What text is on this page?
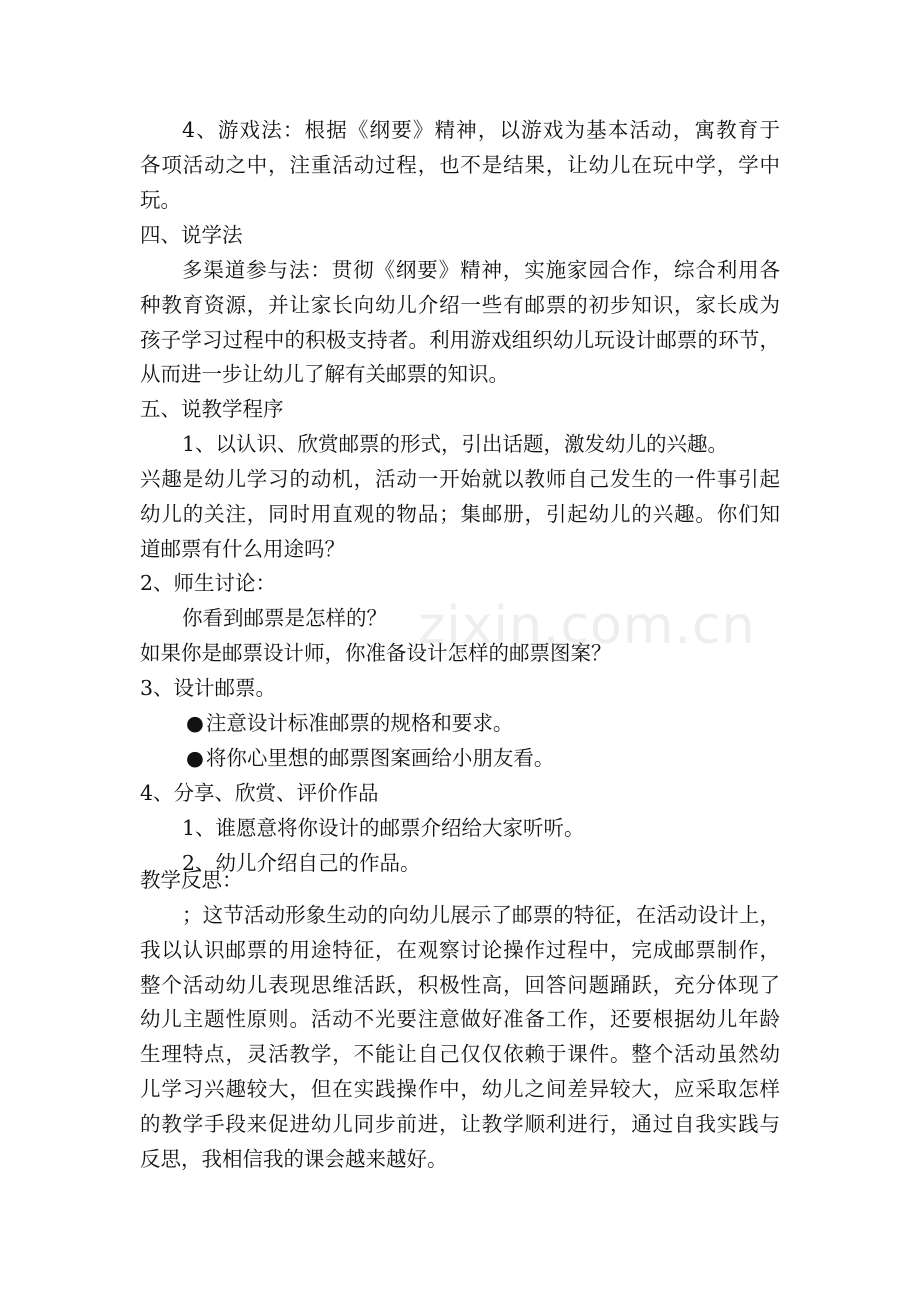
zixin.com.cn
4、游戏法：根据《纲要》精神，以游戏为基本活动，寓教育于
各项活动之中，注重活动过程，也不是结果，让幼儿在玩中学，学中
玩。
四、说学法
多渠道参与法：贯彻《纲要》精神，实施家园合作，综合利用各
种教育资源，并让家长向幼儿介绍一些有邮票的初步知识，家长成为
孩子学习过程中的积极支持者。利用游戏组织幼儿玩设计邮票的环节，
从而进一步让幼儿了解有关邮票的知识。
五、说教学程序
1、以认识、欣赏邮票的形式，引出话题，激发幼儿的兴趣。
兴趣是幼儿学习的动机，活动一开始就以教师自己发生的一件事引起
幼儿的关注，同时用直观的物品；集邮册，引起幼儿的兴趣。你们知
道邮票有什么用途吗？
2、师生讨论：
你看到邮票是怎样的？
如果你是邮票设计师，你准备设计怎样的邮票图案？
3、设计邮票。
●注意设计标准邮票的规格和要求。
●将你心里想的邮票图案画给小朋友看。
4、分享、欣赏、评价作品
1、谁愿意将你设计的邮票介绍给大家听听。
2、幼儿介绍自己的作品。
教学反思：
；这节活动形象生动的向幼儿展示了邮票的特征，在活动设计上，
我以认识邮票的用途特征，在观察讨论操作过程中，完成邮票制作，
整个活动幼儿表现思维活跃，积极性高，回答问题踊跃，充分体现了
幼儿主题性原则。活动不光要注意做好准备工作，还要根据幼儿年龄
生理特点，灵活教学，不能让自己仅仅依赖于课件。整个活动虽然幼
儿学习兴趣较大，但在实践操作中，幼儿之间差异较大，应采取怎样
的教学手段来促进幼儿同步前进，让教学顺利进行，通过自我实践与
反思，我相信我的课会越来越好。
